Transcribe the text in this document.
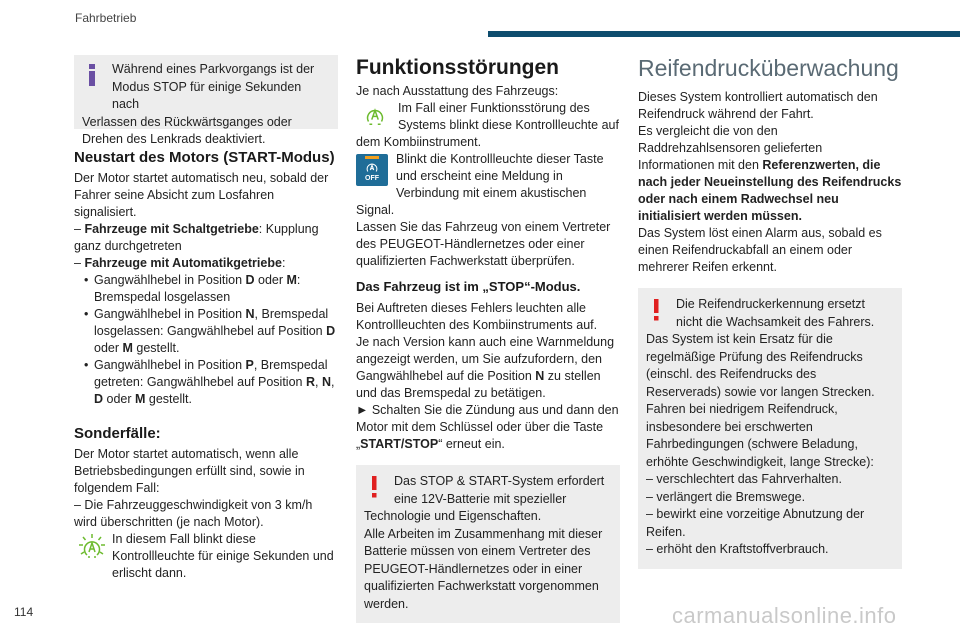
Fahrbetrieb

Während eines Parkvorgangs ist der Modus STOP für einige Sekunden nach

Verlassen des Rückwärtsganges oder Drehen des Lenkrads deaktiviert.

Neustart des Motors (START-Modus)

Der Motor startet automatisch neu, sobald der Fahrer seine Absicht zum Losfahren signalisiert.

– Fahrzeuge mit Schaltgetriebe: Kupplung ganz durchgetreten

– Fahrzeuge mit Automatikgetriebe:

• Gangwählhebel in Position D oder M: Bremspedal losgelassen

• Gangwählhebel in Position N, Bremspedal losgelassen: Gangwählhebel auf Position D
oder M gestellt.

• Gangwählhebel in Position P, Bremspedal getreten: Gangwählhebel auf Position R, N,
D oder M gestellt.

Sonderfälle:

Der Motor startet automatisch, wenn alle Betriebsbedingungen erfüllt sind, sowie in folgendem Fall:

– Die Fahrzeuggeschwindigkeit von 3 km/h wird überschritten (je nach Motor).

In diesem Fall blinkt diese Kontrollleuchte für einige Sekunden und erlischt dann.

Funktionsstörungen

Je nach Ausstattung des Fahrzeugs:

Im Fall einer Funktionsstörung des Systems blinkt diese Kontrollleuchte auf dem Kombiinstrument.

OFF

Blinkt die Kontrollleuchte dieser Taste und erscheint eine Meldung in Verbindung mit einem akustischen Signal.

Lassen Sie das Fahrzeug von einem Vertreter des PEUGEOT-Händlernetzes oder einer qualifizierten Fachwerkstatt überprüfen.

Das Fahrzeug ist im „STOP“-Modus.

Bei Auftreten dieses Fehlers leuchten alle Kontrollleuchten des Kombiinstruments auf.

Je nach Version kann auch eine Warnmeldung angezeigt werden, um Sie aufzufordern, den Gangwählhebel auf die Position N zu stellen und das Bremspedal zu betätigen.

► Schalten Sie die Zündung aus und dann den Motor mit dem Schlüssel oder über die Taste „START/STOP“ erneut ein.

Das STOP & START-System erfordert eine 12V-Batterie mit spezieller

Technologie und Eigenschaften.

Alle Arbeiten im Zusammenhang mit dieser Batterie müssen von einem Vertreter des PEUGEOT-Händlernetzes oder in einer qualifizierten Fachwerkstatt vorgenommen werden.

Reifendrucküberwachung

Dieses System kontrolliert automatisch den Reifendruck während der Fahrt.

Es vergleicht die von den Raddrehzahlsensoren gelieferten Informationen mit den Referenzwerten, die nach jeder Neueinstellung des Reifendrucks oder nach einem Radwechsel neu initialisiert werden müssen.

Das System löst einen Alarm aus, sobald es einen Reifendruckabfall an einem oder mehrerer Reifen erkennt.

Die Reifendruckerkennung ersetzt nicht die Wachsamkeit des Fahrers.

Das System ist kein Ersatz für die regelmäßige Prüfung des Reifendrucks (einschl. des Reifendrucks des Reserverads) sowie vor langen Strecken.

Fahren bei niedrigem Reifendruck, insbesondere bei erschwerten Fahrbedingungen (schwere Beladung, erhöhte Geschwindigkeit, lange Strecke):

– verschlechtert das Fahrverhalten.

– verlängert die Bremswege.

– bewirkt eine vorzeitige Abnutzung der Reifen.

– erhöht den Kraftstoffverbrauch.

114	carmanualsonline.info
